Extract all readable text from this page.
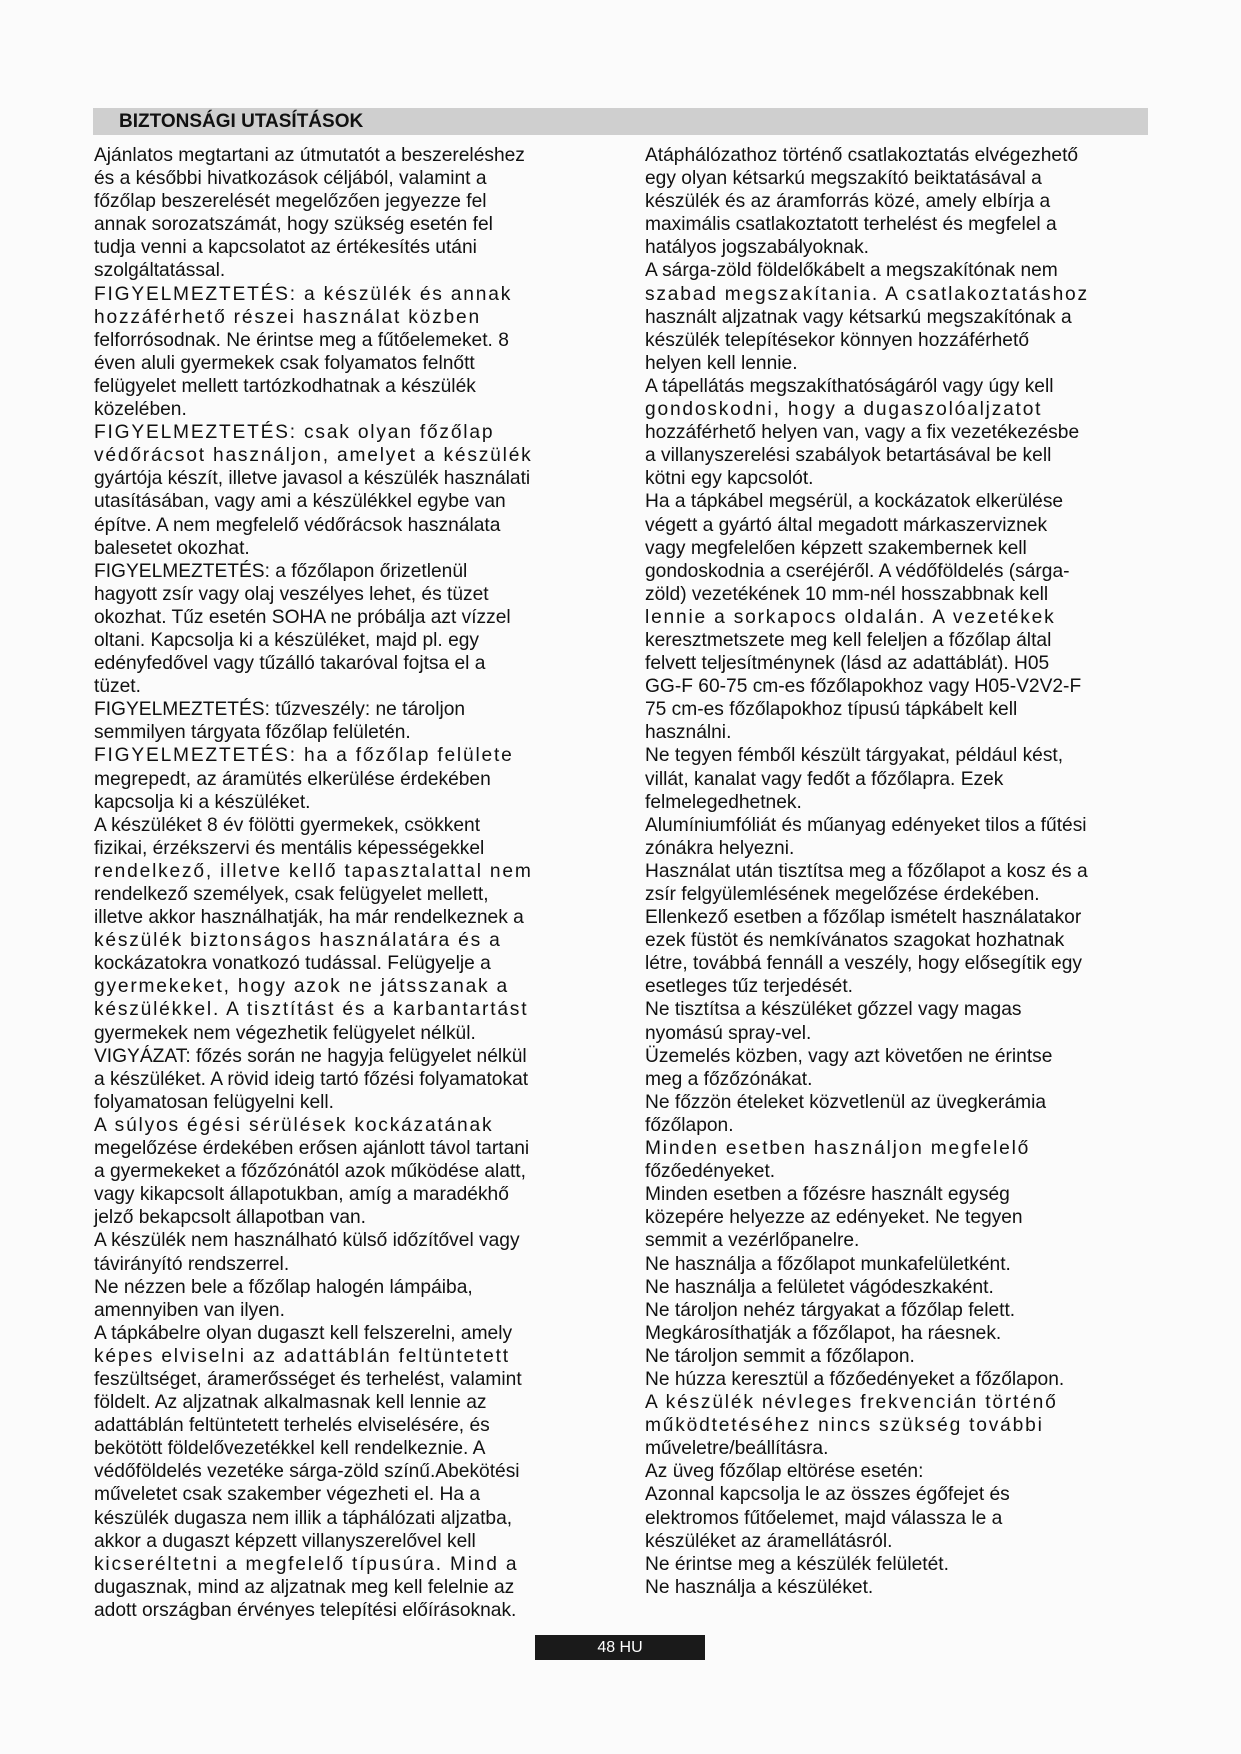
BIZTONSÁGI UTASÍTÁSOK
Ajánlatos megtartani az útmutatót a beszereléshez
és a későbbi hivatkozások céljából, valamint a
főzőlap beszerelését megelőzően jegyezze fel
annak sorozatszámát, hogy szükség esetén fel
tudja venni a kapcsolatot az értékesítés utáni
szolgáltatással.
FIGYELMEZTETÉS: a készülék és annak
hozzáférhető részei használat közben
felforrósodnak. Ne érintse meg a fűtőelemeket. 8
éven aluli gyermekek csak folyamatos felnőtt
felügyelet mellett tartózkodhatnak a készülék
közelében.
FIGYELMEZTETÉS: csak olyan főzőlap
védőrácsot használjon, amelyet a készülék
gyártója készít, illetve javasol a készülék használati
utasításában, vagy ami a készülékkel egybe van
építve. A nem megfelelő védőrácsok használata
balesetet okozhat.
FIGYELMEZTETÉS: a főzőlapon őrizetlenül
hagyott zsír vagy olaj veszélyes lehet, és tüzet
okozhat. Tűz esetén SOHA ne próbálja azt vízzel
oltani. Kapcsolja ki a készüléket, majd pl. egy
edényfedővel vagy tűzálló takaróval fojtsa el a
tüzet.
FIGYELMEZTETÉS: tűzveszély: ne tároljon
semmilyen tárgyata főzőlap felületén.
FIGYELMEZTETÉS: ha a főzőlap felülete
megrepedt, az áramütés elkerülése érdekében
kapcsolja ki a készüléket.
A készüléket 8 év fölötti gyermekek, csökkent
fizikai, érzékszervi és mentális képességekkel
rendelkező, illetve kellő tapasztalattal nem
rendelkező személyek, csak felügyelet mellett,
illetve akkor használhatják, ha már rendelkeznek a
készülék biztonságos használatára és a
kockázatokra vonatkozó tudással. Felügyelje a
gyermekeket, hogy azok ne játsszanak a
készülékkel. A tisztítást és a karbantartást
gyermekek nem végezhetik felügyelet nélkül.
VIGYÁZAT: főzés során ne hagyja felügyelet nélkül
a készüléket. A rövid ideig tartó főzési folyamatokat
folyamatosan felügyelni kell.
A súlyos égési sérülések kockázatának
megelőzése érdekében erősen ajánlott távol tartani
a gyermekeket a főzőzónától azok működése alatt,
vagy kikapcsolt állapotukban, amíg a maradékhő
jelző bekapcsolt állapotban van.
A készülék nem használható külső időzítővel vagy
távirányító rendszerrel.
Ne nézzen bele a főzőlap halogén lámpáiba,
amennyiben van ilyen.
A tápkábelre olyan dugaszt kell felszerelni, amely
képes elviselni az adattáblán feltüntetett
feszültséget, áramerősséget és terhelést, valamint
földelt. Az aljzatnak alkalmasnak kell lennie az
adattáblán feltüntetett terhelés elviselésére, és
bekötött földelővezetékkel kell rendelkeznie. A
védőföldelés vezetéke sárga-zöld színű.Abekötési
műveletet csak szakember végezheti el. Ha a
készülék dugasza nem illik a táphálózati aljzatba,
akkor a dugaszt képzett villanyszerelővel kell
kicseréltetni a megfelelő típusúra. Mind a
dugasznak, mind az aljzatnak meg kell felelnie az
adott országban érvényes telepítési előírásoknak.
Atáphálózathoz történő csatlakoztatás elvégezhető
egy olyan kétsarkú megszakító beiktatásával a
készülék és az áramforrás közé, amely elbírja a
maximális csatlakoztatott terhelést és megfelel a
hatályos jogszabályoknak.
A sárga-zöld földelőkábelt a megszakítónak nem
szabad megszakítania. A csatlakoztatáshoz
használt aljzatnak vagy kétsarkú megszakítónak a
készülék telepítésekor könnyen hozzáférhető
helyen kell lennie.
A tápellátás megszakíthatóságáról vagy úgy kell
gondoskodni, hogy a dugaszolóaljzatot
hozzáférhető helyen van, vagy a fix vezetékezésbe
a villanyszerelési szabályok betartásával be kell
kötni egy kapcsolót.
Ha a tápkábel megsérül, a kockázatok elkerülése
végett a gyártó által megadott márkaszerviznek
vagy megfelelően képzett szakembernek kell
gondoskodnia a cseréjéről. A védőföldelés (sárga-
zöld) vezetékének 10 mm-nél hosszabbnak kell
lennie a sorkapocs oldalán. A vezetékek
keresztmetszete meg kell feleljen a főzőlap által
felvett teljesítménynek (lásd az adattáblát). H05
GG-F 60-75 cm-es főzőlapokhoz vagy H05-V2V2-F
75 cm-es főzőlapokhoz típusú tápkábelt kell
használni.
Ne tegyen fémből készült tárgyakat, például kést,
villát, kanalat vagy fedőt a főzőlapra. Ezek
felmelegedhetnek.
Alumíniumfóliát és műanyag edényeket tilos a fűtési
zónákra helyezni.
Használat után tisztítsa meg a főzőlapot a kosz és a
zsír felgyülemlésének megelőzése érdekében.
Ellenkező esetben a főzőlap ismételt használatakor
ezek füstöt és nemkívánatos szagokat hozhatnak
létre, továbbá fennáll a veszély, hogy elősegítik egy
esetleges tűz terjedését.
Ne tisztítsa a készüléket gőzzel vagy magas
nyomású spray-vel.
Üzemelés közben, vagy azt követően ne érintse
meg a főzőzónákat.
Ne főzzön ételeket közvetlenül az üvegkerámia
főzőlapon.
Minden esetben használjon megfelelő
főzőedényeket.
Minden esetben a főzésre használt egység
közepére helyezze az edényeket. Ne tegyen
semmit a vezérlőpanelre.
Ne használja a főzőlapot munkafelületként.
Ne használja a felületet vágódeszkaként.
Ne tároljon nehéz tárgyakat a főzőlap felett.
Megkárosíthatják a főzőlapot, ha ráesnek.
Ne tároljon semmit a főzőlapon.
Ne húzza keresztül a főzőedényeket a főzőlapon.
A készülék névleges frekvencián történő
működtetéséhez nincs szükség további
műveletre/beállításra.
Az üveg főzőlap eltörése esetén:
Azonnal kapcsolja le az összes égőfejet és
elektromos fűtőelemet, majd válassza le a
készüléket az áramellátásról.
Ne érintse meg a készülék felületét.
Ne használja a készüléket.
48 HU
